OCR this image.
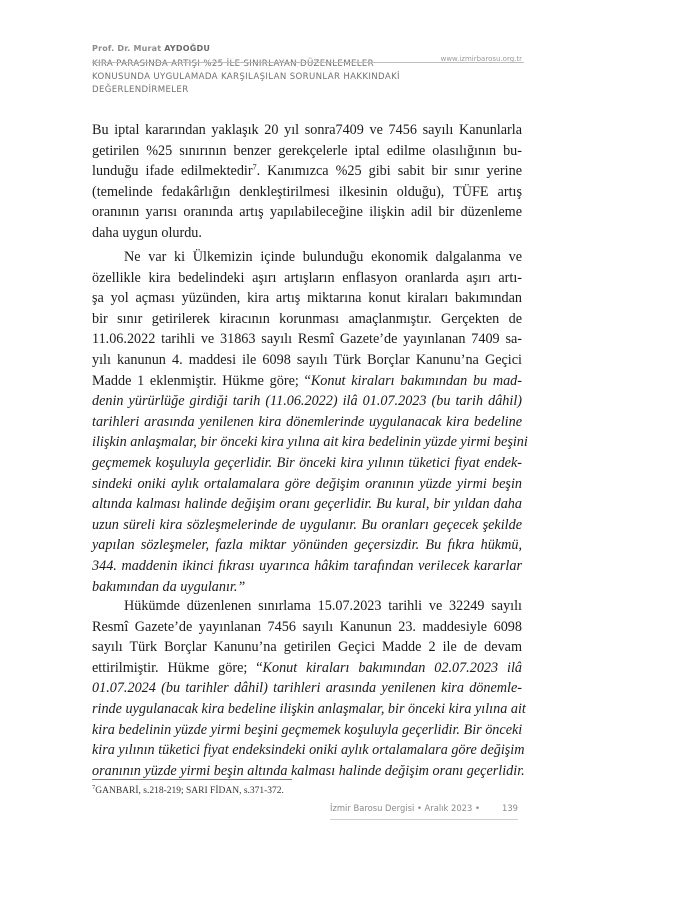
Prof. Dr. Murat AYDOĞDU
KIRA PARASINDA ARTIŞI %25 İLE SINIRLAYAN DÜZENLEMELER
KONUSUNDA UYGULAMADA KARŞILAŞILAN SORUNLAR HAKKINDAKİ
DEĞERLENDİRMELER
www.izmirbarosu.org.tr
Bu iptal kararından yaklaşık 20 yıl sonra7409 ve 7456 sayılı Kanunlarla
getirilen %25 sınırının benzer gerekçelerle iptal edilme olasılığının bu-
lunduğu ifade edilmektedir$^7$. Kanımızca %25 gibi sabit bir sınır yerine
(temelinde fedakârlığın denkleştirilmesi ilkesinin olduğu), TÜFE artış
oranının yarısı oranında artış yapılabileceğine ilişkin adil bir düzenleme
daha uygun olurdu.
Ne var ki Ülkemizin içinde bulunduğu ekonomik dalgalanma ve
özellikle kira bedelindeki aşırı artışların enflasyon oranlarda aşırı artı-
şa yol açması yüzünden, kira artış miktarına konut kiraları bakımından
bir sınır getirilerek kiracının korunması amaçlanmıştır. Gerçekten de
11.06.2022 tarihli ve 31863 sayılı Resmî Gazete’de yayınlanan 7409 sa-
yılı kanunun 4. maddesi ile 6098 sayılı Türk Borçlar Kanunu’na Geçici
Madde 1 eklenmiştir. Hükme göre; “Konut kiraları bakımından bu mad-
denin yürürlüğe girdiği tarih (11.06.2022) ilâ 01.07.2023 (bu tarih dâhil)
tarihleri arasında yenilenen kira dönemlerinde uygulanacak kira bedeline
ilişkin anlaşmalar, bir önceki kira yılına ait kira bedelinin yüzde yirmi beşini
geçmemek koşuluyla geçerlidir. Bir önceki kira yılının tüketici fiyat endek-
sindeki oniki aylık ortalamalara göre değişim oranının yüzde yirmi beşin
altında kalması halinde değişim oranı geçerlidir. Bu kural, bir yıldan daha
uzun süreli kira sözleşmelerinde de uygulanır. Bu oranları geçecek şekilde
yapılan sözleşmeler, fazla miktar yönünden geçersizdir. Bu fıkra hükmü,
344. maddenin ikinci fıkrası uyarınca hâkim tarafından verilecek kararlar
bakımından da uygulanır.”
Hükümde düzenlenen sınırlama 15.07.2023 tarihli ve 32249 sayılı
Resmî Gazete’de yayınlanan 7456 sayılı Kanunun 23. maddesiyle 6098
sayılı Türk Borçlar Kanunu’na getirilen Geçici Madde 2 ile de devam
ettirilmiştir. Hükme göre; “Konut kiraları bakımından 02.07.2023 ilâ
01.07.2024 (bu tarihler dâhil) tarihleri arasında yenilenen kira dönemle-
rinde uygulanacak kira bedeline ilişkin anlaşmalar, bir önceki kira yılına ait
kira bedelinin yüzde yirmi beşini geçmemek koşuluyla geçerlidir. Bir önceki
kira yılının tüketici fiyat endeksindeki oniki aylık ortalamalara göre değişim
oranının yüzde yirmi beşin altında kalması halinde değişim oranı geçerlidir.
$^7$GANBARİ, s.218-219; SARI FİDAN, s.371-372.
İzmir Barosu Dergisi • Aralık 2023 •	139
